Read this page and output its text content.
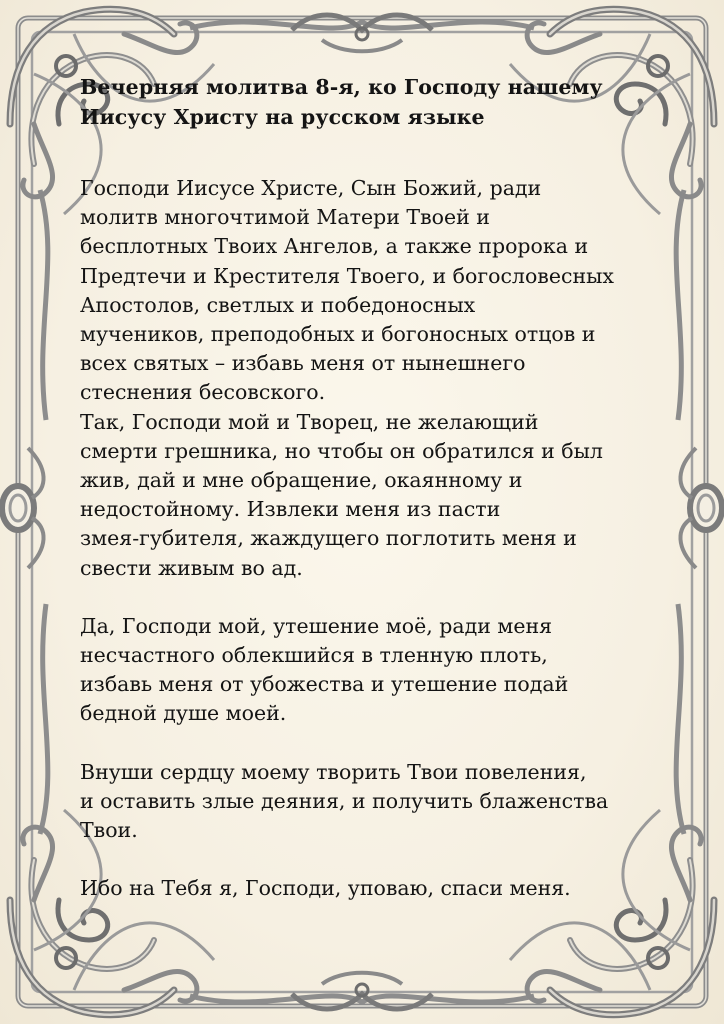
Вечерняя молитва 8-я, ко Господу нашему
Иисусу Христу на русском языке
Господи Иисусе Христе, Сын Божий, ради
молитв многочтимой Матери Твоей и
бесплотных Твоих Ангелов, а также пророка и
Предтечи и Крестителя Твоего, и богословесных
Апостолов, светлых и победоносных
мучеников, преподобных и богоносных отцов и
всех святых – избавь меня от нынешнего
стеснения бесовского.
Так, Господи мой и Творец, не желающий
смерти грешника, но чтобы он обратился и был
жив, дай и мне обращение, окаянному и
недостойному. Извлеки меня из пасти
змея-губителя, жаждущего поглотить меня и
свести живым во ад.
Да, Господи мой, утешение моё, ради меня
несчастного облекшийся в тленную плоть,
избавь меня от убожества и утешение подай
бедной душе моей.
Внуши сердцу моему творить Твои повеления,
и оставить злые деяния, и получить блаженства
Твои.
Ибо на Тебя я, Господи, уповаю, спаси меня.
